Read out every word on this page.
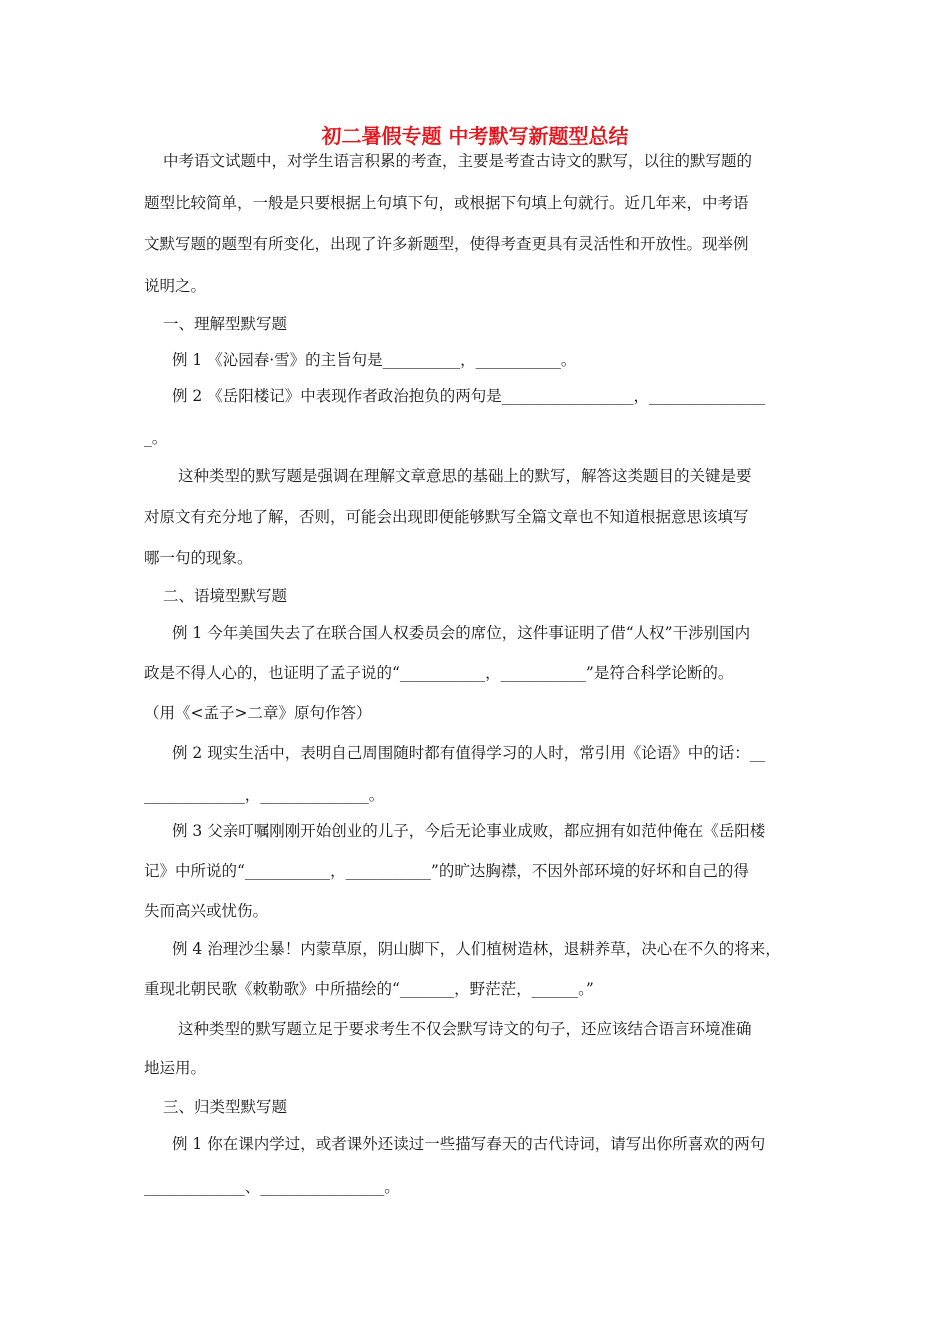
初二暑假专题 中考默写新题型总结
中考语文试题中，对学生语言积累的考查，主要是考查古诗文的默写，以往的默写题的
题型比较简单，一般是只要根据上句填下句，或根据下句填上句就行。近几年来，中考语
文默写题的题型有所变化，出现了许多新题型，使得考查更具有灵活性和开放性。现举例
说明之。
一、理解型默写题
例 1 《沁园春·雪》的主旨句是__________，___________。
例 2 《岳阳楼记》中表现作者政治抱负的两句是_________________，_______________
_。
这种类型的默写题是强调在理解文章意思的基础上的默写，解答这类题目的关键是要
对原文有充分地了解，否则，可能会出现即便能够默写全篇文章也不知道根据意思该填写
哪一句的现象。
二、语境型默写题
例 1 今年美国失去了在联合国人权委员会的席位，这件事证明了借“人权”干涉别国内
政是不得人心的，也证明了孟子说的“___________，___________”是符合科学论断的。
（用《<孟子>二章》原句作答）
例 2 现实生活中，表明自己周围随时都有值得学习的人时，常引用《论语》中的话：__
_____________，______________。
例 3 父亲叮嘱刚刚开始创业的儿子，今后无论事业成败，都应拥有如范仲俺在《岳阳楼
记》中所说的“___________，___________”的旷达胸襟，不因外部环境的好坏和自己的得
失而高兴或忧伤。
例 4 治理沙尘暴！内蒙草原，阴山脚下，人们植树造林，退耕养草，决心在不久的将来，
重现北朝民歌《敕勒歌》中所描绘的“_______，野茫茫，______。”
这种类型的默写题立足于要求考生不仅会默写诗文的句子，还应该结合语言环境准确
地运用。
三、归类型默写题
例 1 你在课内学过，或者课外还读过一些描写春天的古代诗词，请写出你所喜欢的两句
_____________、________________。
